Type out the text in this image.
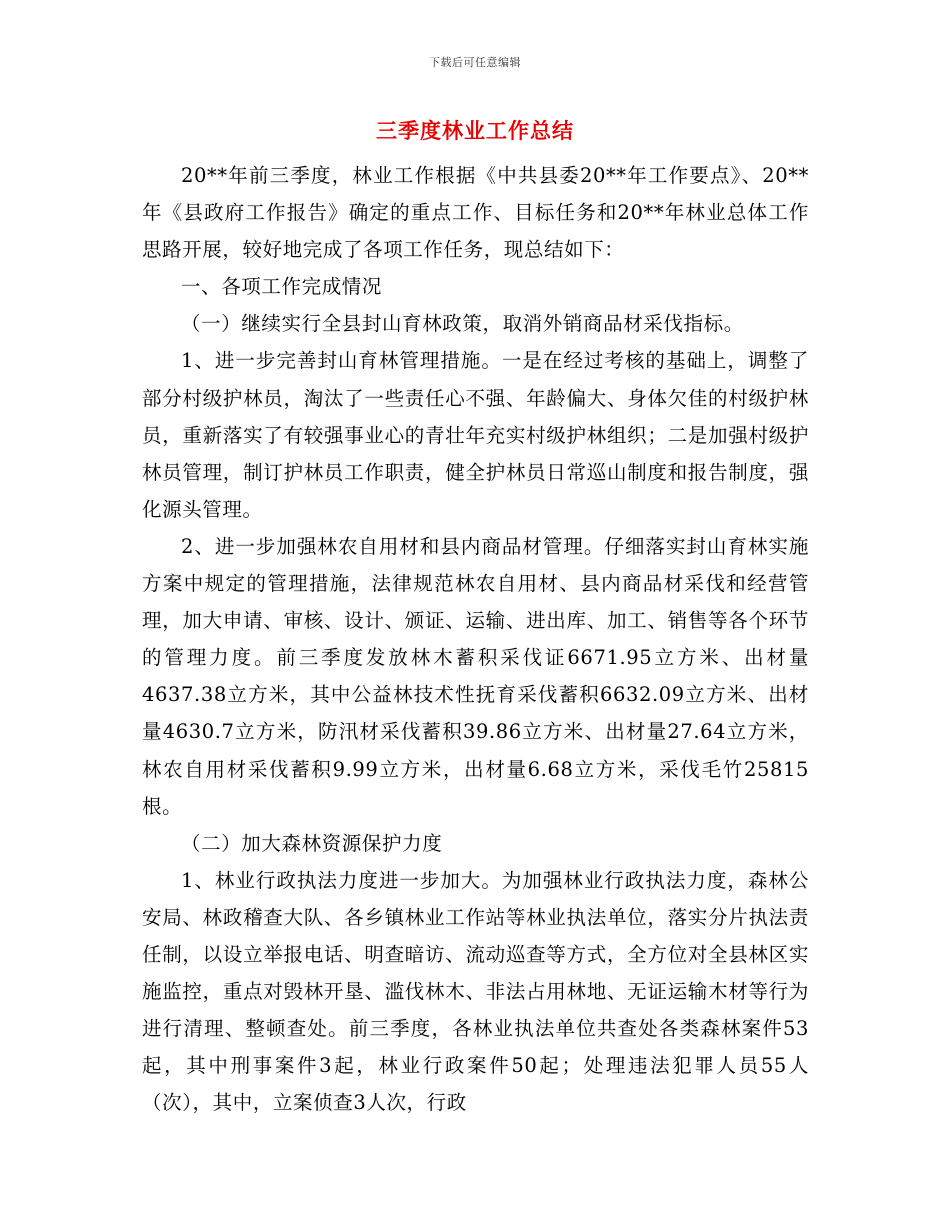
下载后可任意编辑
三季度林业工作总结

20**年前三季度，林业工作根据《中共县委20**年工作要点》、20**年《县政府工作报告》确定的重点工作、目标任务和20**年林业总体工作思路开展，较好地完成了各项工作任务，现总结如下：

一、各项工作完成情况

（一）继续实行全县封山育林政策，取消外销商品材采伐指标。

1、进一步完善封山育林管理措施。一是在经过考核的基础上，调整了部分村级护林员，淘汰了一些责任心不强、年龄偏大、身体欠佳的村级护林员，重新落实了有较强事业心的青壮年充实村级护林组织；二是加强村级护林员管理，制订护林员工作职责，健全护林员日常巡山制度和报告制度，强化源头管理。

2、进一步加强林农自用材和县内商品材管理。仔细落实封山育林实施方案中规定的管理措施，法律规范林农自用材、县内商品材采伐和经营管理，加大申请、审核、设计、颁证、运输、进出库、加工、销售等各个环节的管理力度。前三季度发放林木蓄积采伐证6671.95立方米、出材量4637.38立方米，其中公益林技术性抚育采伐蓄积6632.09立方米、出材量4630.7立方米，防汛材采伐蓄积39.86立方米、出材量27.64立方米，林农自用材采伐蓄积9.99立方米，出材量6.68立方米，采伐毛竹25815根。

（二）加大森林资源保护力度

1、林业行政执法力度进一步加大。为加强林业行政执法力度，森林公安局、林政稽查大队、各乡镇林业工作站等林业执法单位，落实分片执法责任制，以设立举报电话、明查暗访、流动巡查等方式，全方位对全县林区实施监控，重点对毁林开垦、滥伐林木、非法占用林地、无证运输木材等行为进行清理、整顿查处。前三季度，各林业执法单位共查处各类森林案件53起，其中刑事案件3起，林业行政案件50起；处理违法犯罪人员55人（次），其中，立案侦查3人次，行政
